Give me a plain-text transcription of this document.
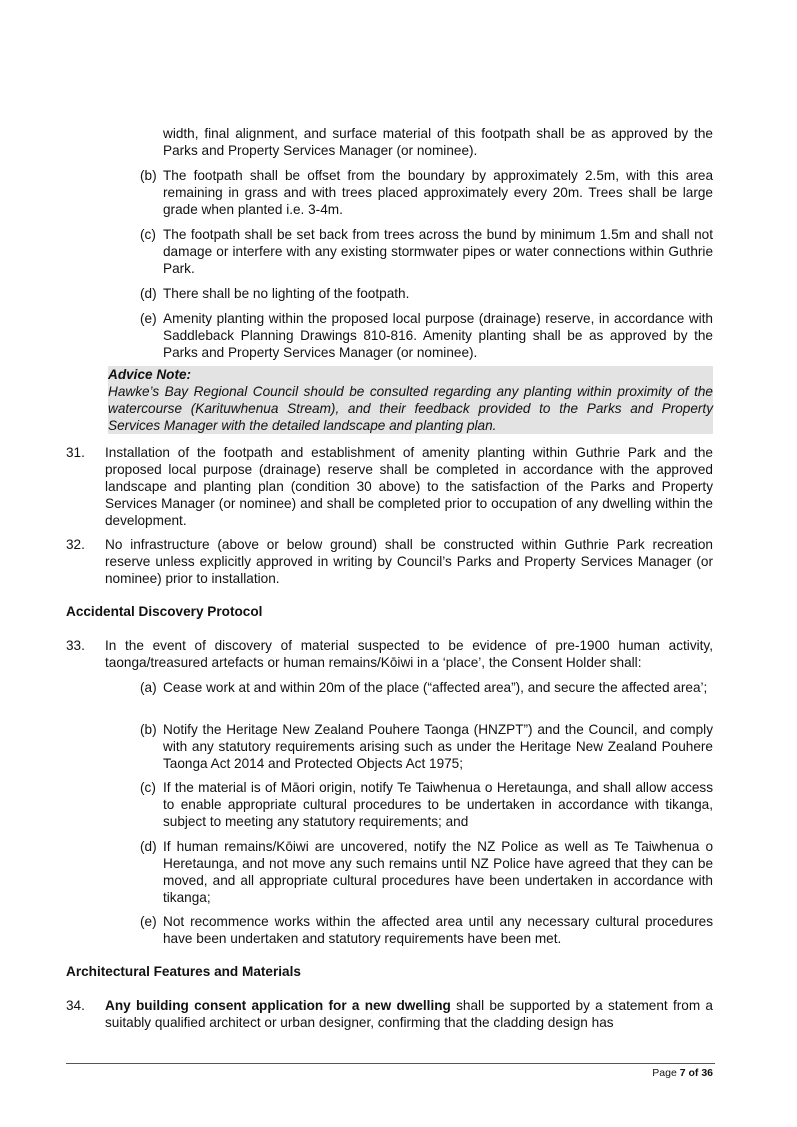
width, final alignment, and surface material of this footpath shall be as approved by the Parks and Property Services Manager (or nominee).

(b) The footpath shall be offset from the boundary by approximately 2.5m, with this area remaining in grass and with trees placed approximately every 20m. Trees shall be large grade when planted i.e. 3-4m.

(c) The footpath shall be set back from trees across the bund by minimum 1.5m and shall not damage or interfere with any existing stormwater pipes or water connections within Guthrie Park.

(d) There shall be no lighting of the footpath.

(e) Amenity planting within the proposed local purpose (drainage) reserve, in accordance with Saddleback Planning Drawings 810-816. Amenity planting shall be as approved by the Parks and Property Services Manager (or nominee).

Advice Note:

Hawke’s Bay Regional Council should be consulted regarding any planting within proximity of the watercourse (Karituwhenua Stream), and their feedback provided to the Parks and Property Services Manager with the detailed landscape and planting plan.

31. Installation of the footpath and establishment of amenity planting within Guthrie Park and the proposed local purpose (drainage) reserve shall be completed in accordance with the approved landscape and planting plan (condition 30 above) to the satisfaction of the Parks and Property Services Manager (or nominee) and shall be completed prior to occupation of any dwelling within the development.

32. No infrastructure (above or below ground) shall be constructed within Guthrie Park recreation reserve unless explicitly approved in writing by Council’s Parks and Property Services Manager (or nominee) prior to installation.

Accidental Discovery Protocol

33. In the event of discovery of material suspected to be evidence of pre-1900 human activity, taonga/treasured artefacts or human remains/Kōiwi in a ‘place’, the Consent Holder shall:

(a) Cease work at and within 20m of the place (“affected area”), and secure the affected area’;

(b) Notify the Heritage New Zealand Pouhere Taonga (HNZPT”) and the Council, and comply with any statutory requirements arising such as under the Heritage New Zealand Pouhere Taonga Act 2014 and Protected Objects Act 1975;

(c) If the material is of Māori origin, notify Te Taiwhenua o Heretaunga, and shall allow access to enable appropriate cultural procedures to be undertaken in accordance with tikanga, subject to meeting any statutory requirements; and

(d) If human remains/Kōiwi are uncovered, notify the NZ Police as well as Te Taiwhenua o Heretaunga, and not move any such remains until NZ Police have agreed that they can be moved, and all appropriate cultural procedures have been undertaken in accordance with tikanga;

(e) Not recommence works within the affected area until any necessary cultural procedures have been undertaken and statutory requirements have been met.

Architectural Features and Materials

34. Any building consent application for a new dwelling shall be supported by a statement from a suitably qualified architect or urban designer, confirming that the cladding design has

Page 7 of 36
